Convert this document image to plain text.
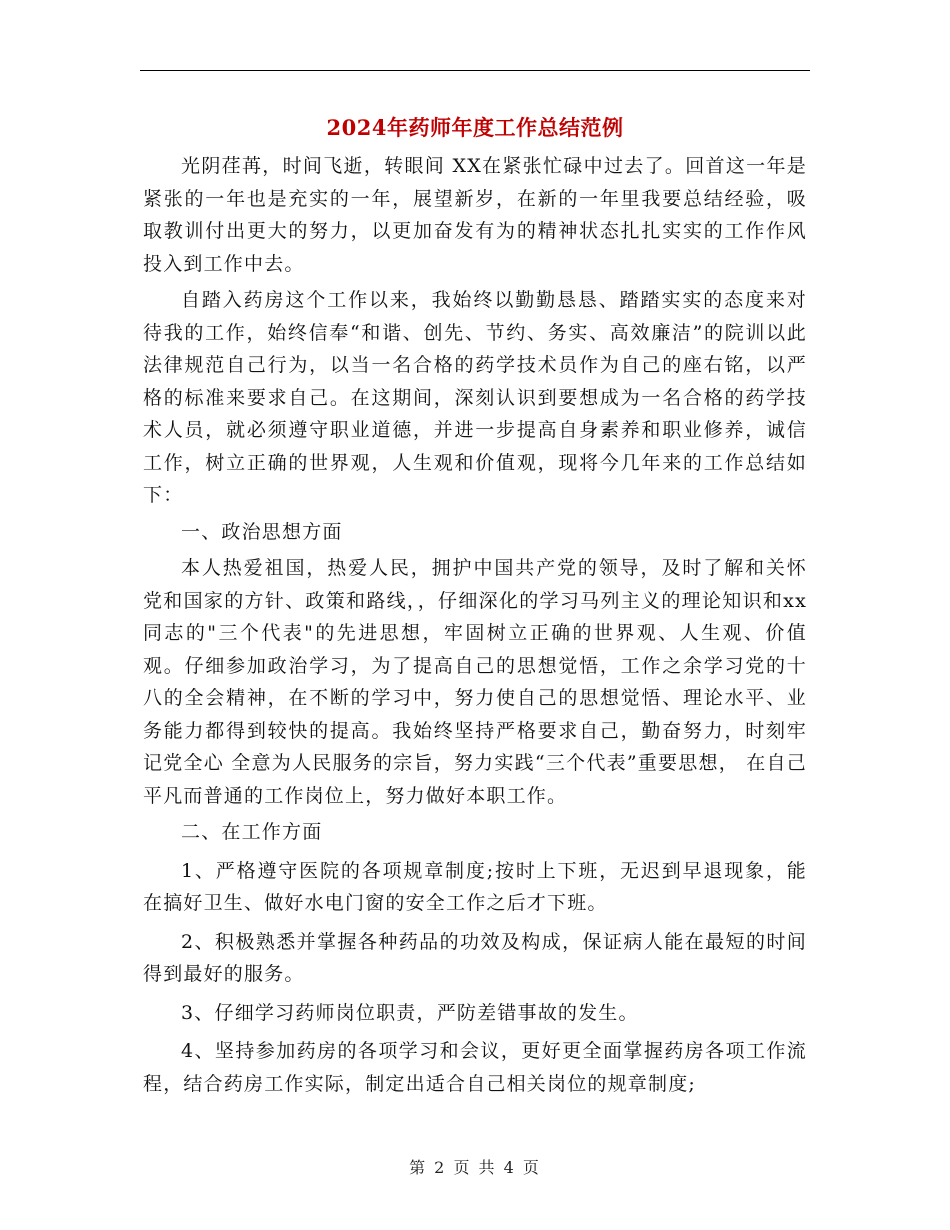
2024年药师年度工作总结范例

光阴荏苒，时间飞逝，转眼间 XX在紧张忙碌中过去了。回首这一年是紧张的一年也是充实的一年，展望新岁，在新的一年里我要总结经验，吸取教训付出更大的努力，以更加奋发有为的精神状态扎扎实实的工作作风投入到工作中去。

自踏入药房这个工作以来，我始终以勤勤恳恳、踏踏实实的态度来对待我的工作，始终信奉“和谐、创先、节约、务实、高效廉洁”的院训以此法律规范自己行为，以当一名合格的药学技术员作为自己的座右铭，以严格的标准来要求自己。在这期间，深刻认识到要想成为一名合格的药学技术人员，就必须遵守职业道德，并进一步提高自身素养和职业修养，诚信工作，树立正确的世界观，人生观和价值观，现将今几年来的工作总结如下：

一、政治思想方面

本人热爱祖国，热爱人民，拥护中国共产党的领导，及时了解和关怀党和国家的方针、政策和路线，，仔细深化的学习马列主义的理论知识和xx同志的"三个代表"的先进思想，牢固树立正确的世界观、人生观、价值观。仔细参加政治学习，为了提高自己的思想觉悟，工作之余学习党的十八的全会精神，在不断的学习中，努力使自己的思想觉悟、理论水平、业务能力都得到较快的提高。我始终坚持严格要求自己，勤奋努力，时刻牢记党全心 全意为人民服务的宗旨，努力实践“三个代表”重要思想， 在自己平凡而普通的工作岗位上，努力做好本职工作。

二、在工作方面

1、严格遵守医院的各项规章制度;按时上下班，无迟到早退现象，能在搞好卫生、做好水电门窗的安全工作之后才下班。

2、积极熟悉并掌握各种药品的功效及构成，保证病人能在最短的时间得到最好的服务。

3、仔细学习药师岗位职责，严防差错事故的发生。

4、坚持参加药房的各项学习和会议，更好更全面掌握药房各项工作流程，结合药房工作实际，制定出适合自己相关岗位的规章制度;

第 2 页 共 4 页
